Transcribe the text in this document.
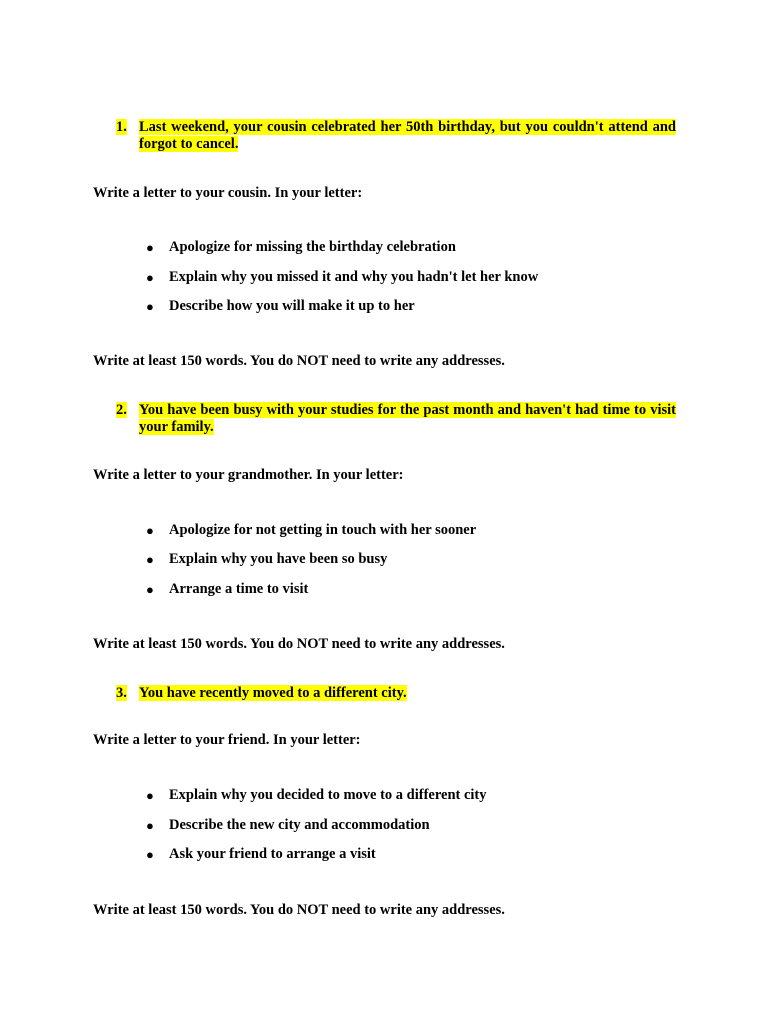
1. Last weekend, your cousin celebrated her 50th birthday, but you couldn't attend and forgot to cancel.
Write a letter to your cousin. In your letter:
●	Apologize for missing the birthday celebration
●	Explain why you missed it and why you hadn't let her know
●	Describe how you will make it up to her
Write at least 150 words. You do NOT need to write any addresses.
2. You have been busy with your studies for the past month and haven't had time to visit your family.
Write a letter to your grandmother. In your letter:
●	Apologize for not getting in touch with her sooner
●	Explain why you have been so busy
●	Arrange a time to visit
Write at least 150 words. You do NOT need to write any addresses.
3. You have recently moved to a different city.
Write a letter to your friend. In your letter:
●	Explain why you decided to move to a different city
●	Describe the new city and accommodation
●	Ask your friend to arrange a visit
Write at least 150 words. You do NOT need to write any addresses.
